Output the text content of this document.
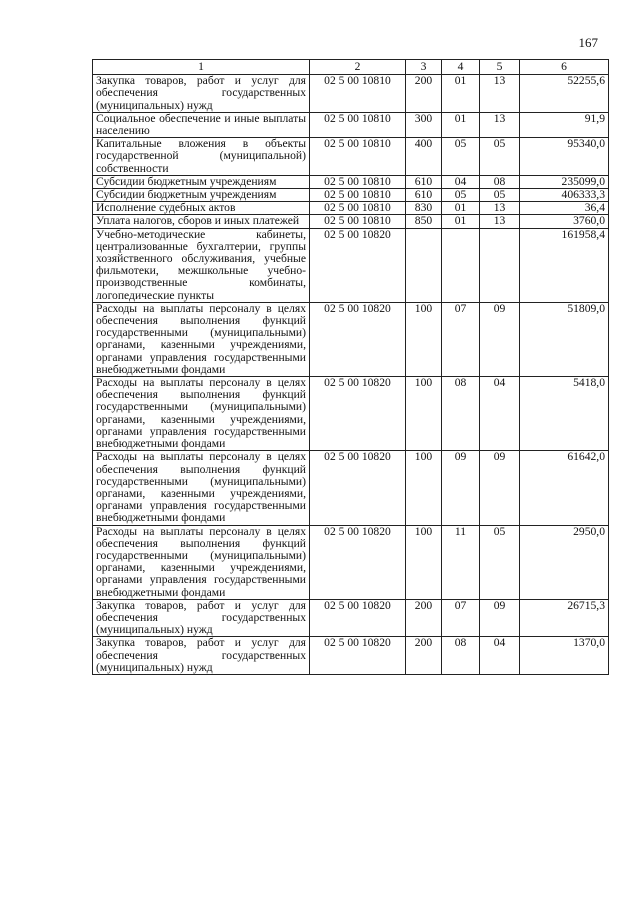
167
1	2	3	4	5	6
Закупка товаров, работ и услуг для обеспечения государственных (муниципальных) нужд	02 5 00 10810	200	01	13	52255,6
Социальное обеспечение и иные выплаты населению	02 5 00 10810	300	01	13	91,9
Капитальные вложения в объекты государственной (муниципальной) собственности	02 5 00 10810	400	05	05	95340,0
Субсидии бюджетным учреждениям	02 5 00 10810	610	04	08	235099,0
Субсидии бюджетным учреждениям	02 5 00 10810	610	05	05	406333,3
Исполнение судебных актов	02 5 00 10810	830	01	13	36,4
Уплата налогов, сборов и иных платежей	02 5 00 10810	850	01	13	3760,0
Учебно-методические кабинеты, централизованные бухгалтерии, группы хозяйственного обслуживания, учебные фильмотеки, межшкольные учебно-производственные комбинаты, логопедические пункты	02 5 00 10820				161958,4
Расходы на выплаты персоналу в целях обеспечения выполнения функций государственными (муниципальными) органами, казенными учреждениями, органами управления государственными внебюджетными фондами	02 5 00 10820	100	07	09	51809,0
Расходы на выплаты персоналу в целях обеспечения выполнения функций государственными (муниципальными) органами, казенными учреждениями, органами управления государственными внебюджетными фондами	02 5 00 10820	100	08	04	5418,0
Расходы на выплаты персоналу в целях обеспечения выполнения функций государственными (муниципальными) органами, казенными учреждениями, органами управления государственными внебюджетными фондами	02 5 00 10820	100	09	09	61642,0
Расходы на выплаты персоналу в целях обеспечения выполнения функций государственными (муниципальными) органами, казенными учреждениями, органами управления государственными внебюджетными фондами	02 5 00 10820	100	11	05	2950,0
Закупка товаров, работ и услуг для обеспечения государственных (муниципальных) нужд	02 5 00 10820	200	07	09	26715,3
Закупка товаров, работ и услуг для обеспечения государственных (муниципальных) нужд	02 5 00 10820	200	08	04	1370,0
